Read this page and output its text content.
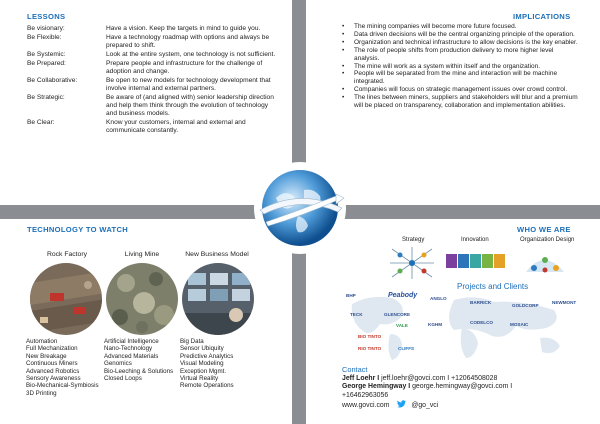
LESSONS
Be visionary:	Have a vision. Keep the targets in mind to guide you.
Be Flexible:	Have a technology roadmap with options and always be prepared to shift.
Be Systemic:	Look at the entire system, one technology is not sufficient.
Be Prepared:	Prepare people and infrastructure for the challenge of adoption and change.
Be Collaborative:	Be open to new models for technology development that involve internal and external partners.
Be Strategic:	Be aware of (and aligned with) senior leadership direction and help them think through the evolution of technology and business models.
Be Clear:	Know your customers, internal and external and communicate constantly.
IMPLICATIONS
• The mining companies will become more future focused.
• Data driven decisions will be the central organizing principle of the operation.
• Organization and technical infrastructure to allow decisions is the key enabler.
• The role of people shifts from production delivery to more higher level analysis.
• The mine will work as a system within itself and the organization.
• People will be separated from the mine and interaction will be machine integrated.
• Companies will focus on strategic management issues over crowd control.
• The lines between miners, suppliers and stakeholders will blur and a premium will be placed on transparency, collaboration and implementation abilities.
TECHNOLOGY TO WATCH
Rock Factory	Living Mine	New Business Model
Automation
Full Mechanization
New Breakage
Continuous Miners
Advanced Robotics
Sensory Awareness
Bio-Mechanical-Symbiosis
3D Printing
Artificial Intelligence
Nano-Technology
Advanced Materials
Genomics
Bio-Leeching & Solutions
Closed Loops
Big Data
Sensor Ubiquity
Predictive Analytics
Visual Modeling
Exception Mgmt.
Virtual Reality
Remote Operations
WHO WE ARE
Strategy	Innovation	Organization Design
Projects and Clients
BHP	Peabody	ANGLO
BARRICK
GOLDCORP
NEWMONT
TECK	GLENCORE
VALE	KGHM	CODELCO	MOSAIC
BIO TINTO
RIO TINTO	CLIFFS
Contact
Jeff Loehr I jeff.loehr@govci.com I +12064508028
George Hemingway I george.hemingway@govci.com I
+16462963056
www.govci.com	@go_vci
